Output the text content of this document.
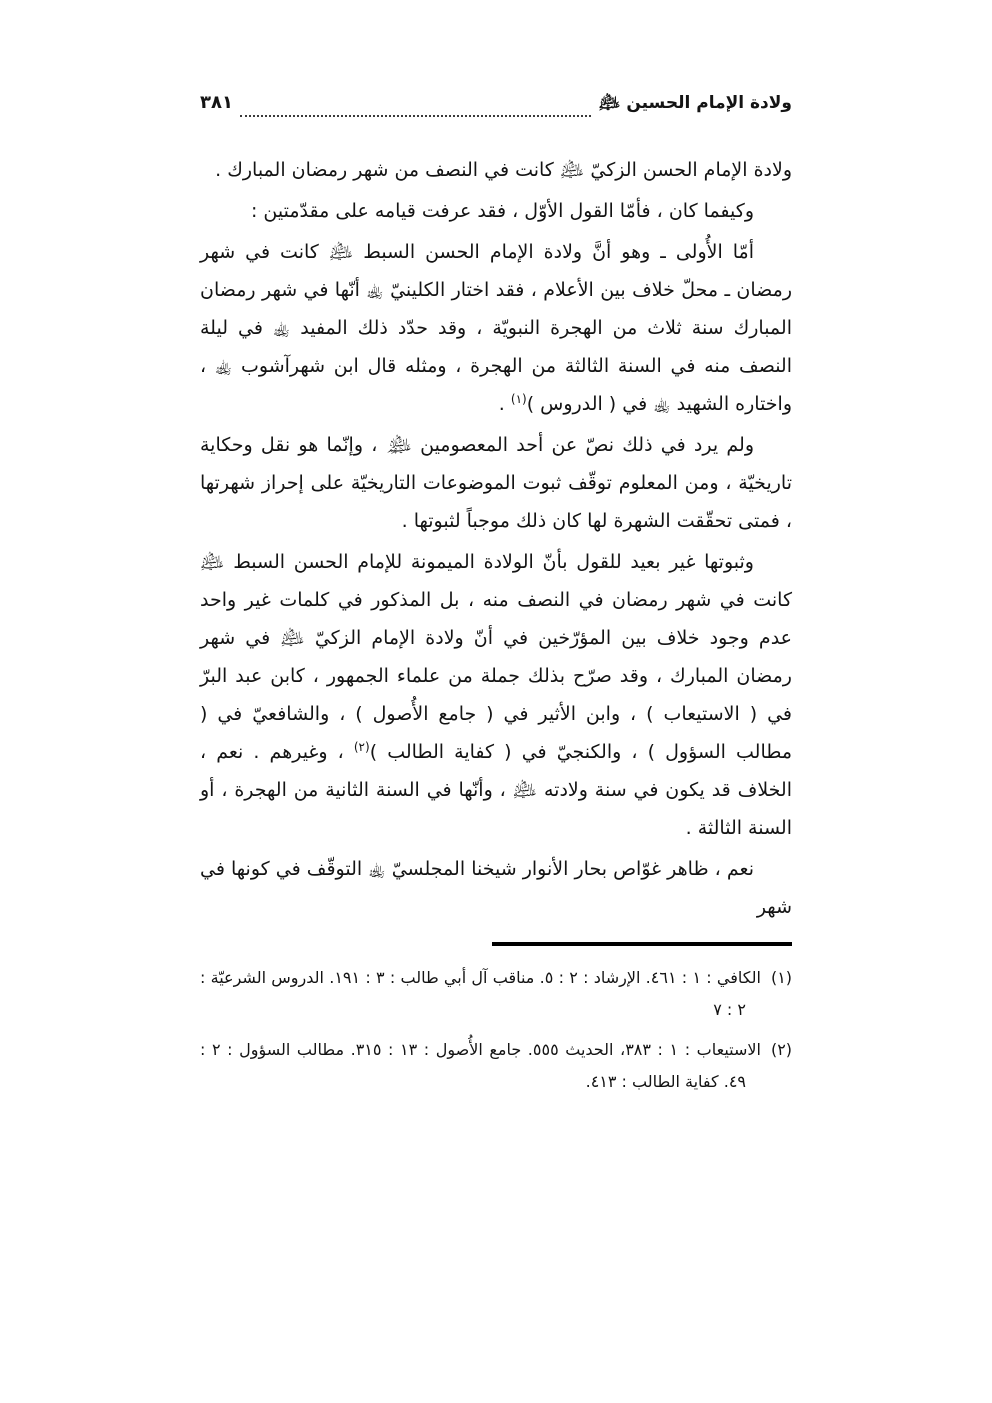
ولادة الإمام الحسين ﵇
٣٨١

ولادة الإمام الحسن الزكيّ ﵇ كانت في النصف من شهر رمضان المبارك .

وكيفما كان ، فأمّا القول الأوّل ، فقد عرفت قيامه على مقدّمتين :

أمّا الأُولى ـ وهو أنَّ ولادة الإمام الحسن السبط ﵇ كانت في شهر رمضان ـ محلّ خلاف بين الأعلام ، فقد اختار الكلينيّ ﵀ أنّها في شهر رمضان المبارك سنة ثلاث من الهجرة النبويّة ، وقد حدّد ذلك المفيد ﵀ في ليلة النصف منه في السنة الثالثة من الهجرة ، ومثله قال ابن شهرآشوب ﵀ ، واختاره الشهيد ﵀ في ( الدروس )$^{(١)}$ .

ولم يرد في ذلك نصّ عن أحد المعصومين ﵈ ، وإنّما هو نقل وحكاية تاريخيّة ، ومن المعلوم توقّف ثبوت الموضوعات التاريخيّة على إحراز شهرتها ، فمتى تحقّقت الشهرة لها كان ذلك موجباً لثبوتها .

وثبوتها غير بعيد للقول بأنّ الولادة الميمونة للإمام الحسن السبط ﵇ كانت في شهر رمضان في النصف منه ، بل المذكور في كلمات غير واحد عدم وجود خلاف بين المؤرّخين في أنّ ولادة الإمام الزكيّ ﵇ في شهر رمضان المبارك ، وقد صرّح بذلك جملة من علماء الجمهور ، كابن عبد البرّ في ( الاستيعاب ) ، وابن الأثير في ( جامع الأُصول ) ، والشافعيّ في ( مطالب السؤول ) ، والكنجيّ في ( كفاية الطالب )$^{(٢)}$ ، وغيرهم . نعم ، الخلاف قد يكون في سنة ولادته ﵇ ، وأنّها في السنة الثانية من الهجرة ، أو السنة الثالثة .

نعم ، ظاهر غوّاص بحار الأنوار شيخنا المجلسيّ ﵀ التوقّف في كونها في شهر

(١)الكافي : ١ : ٤٦١. الإرشاد : ٢ : ٥. مناقب آل أبي طالب : ٣ : ١٩١. الدروس الشرعيّة : ٢ : ٧
(٢)الاستيعاب : ١ : ٣٨٣، الحديث ٥٥٥. جامع الأُصول : ١٣ : ٣١٥. مطالب السؤول : ٢ : ٤٩. كفاية الطالب : ٤١٣.
